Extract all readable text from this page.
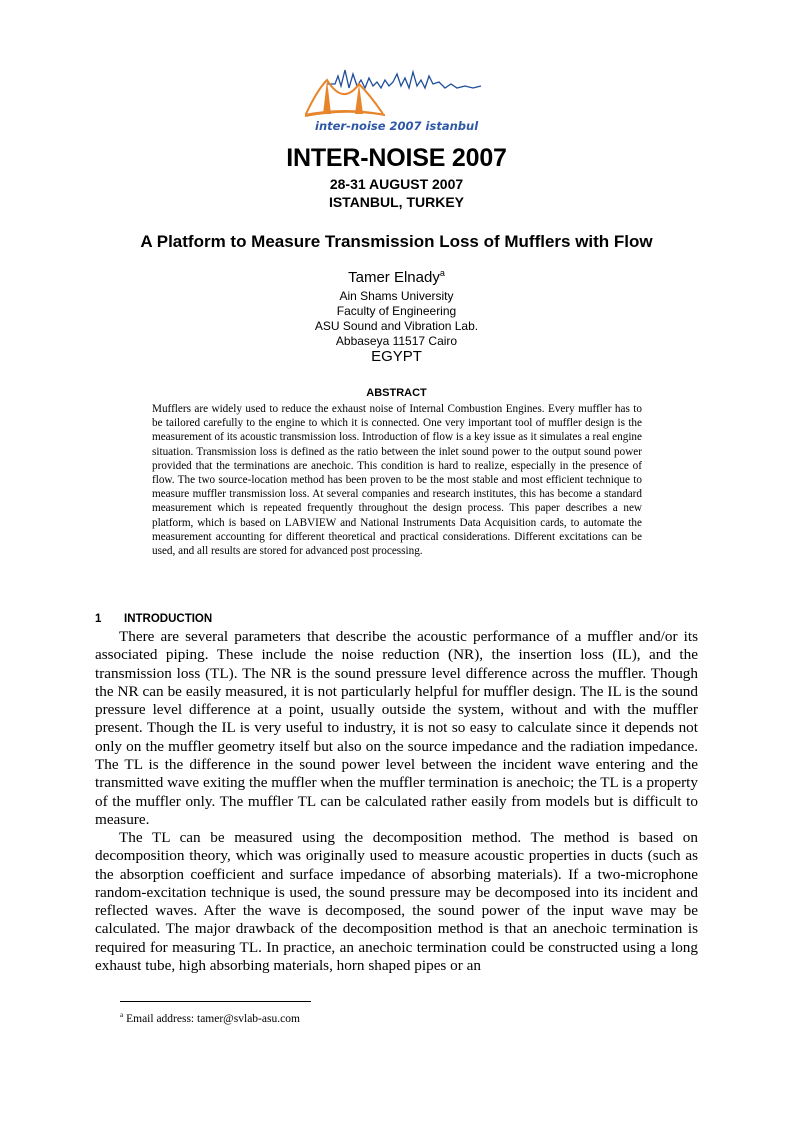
inter-noise 2007 istanbul
INTER-NOISE 2007
28-31 AUGUST 2007
ISTANBUL, TURKEY
A Platform to Measure Transmission Loss of Mufflers with Flow
Tamer Elnady$^a$
Ain Shams University
Faculty of Engineering
ASU Sound and Vibration Lab.
Abbaseya 11517 Cairo
EGYPT
ABSTRACT

Mufflers are widely used to reduce the exhaust noise of Internal Combustion Engines. Every muffler has to be tailored carefully to the engine to which it is connected. One very important tool of muffler design is the measurement of its acoustic transmission loss. Introduction of flow is a key issue as it simulates a real engine situation. Transmission loss is defined as the ratio between the inlet sound power to the output sound power provided that the terminations are anechoic. This condition is hard to realize, especially in the presence of flow. The two source-location method has been proven to be the most stable and most efficient technique to measure muffler transmission loss. At several companies and research institutes, this has become a standard measurement which is repeated frequently throughout the design process. This paper describes a new platform, which is based on LABVIEW and National Instruments Data Acquisition cards, to automate the measurement accounting for different theoretical and practical considerations. Different excitations can be used, and all results are stored for advanced post processing.

1 INTRODUCTION

There are several parameters that describe the acoustic performance of a muffler and/or its associated piping. These include the noise reduction (NR), the insertion loss (IL), and the transmission loss (TL). The NR is the sound pressure level difference across the muffler. Though the NR can be easily measured, it is not particularly helpful for muffler design. The IL is the sound pressure level difference at a point, usually outside the system, without and with the muffler present. Though the IL is very useful to industry, it is not so easy to calculate since it depends not only on the muffler geometry itself but also on the source impedance and the radiation impedance. The TL is the difference in the sound power level between the incident wave entering and the transmitted wave exiting the muffler when the muffler termination is anechoic; the TL is a property of the muffler only. The muffler TL can be calculated rather easily from models but is difficult to measure.

The TL can be measured using the decomposition method. The method is based on decomposition theory, which was originally used to measure acoustic properties in ducts (such as the absorption coefficient and surface impedance of absorbing materials). If a two-microphone random-excitation technique is used, the sound pressure may be decomposed into its incident and reflected waves. After the wave is decomposed, the sound power of the input wave may be calculated. The major drawback of the decomposition method is that an anechoic termination is required for measuring TL. In practice, an anechoic termination could be constructed using a long exhaust tube, high absorbing materials, horn shaped pipes or an

$^a$ Email address: tamer@svlab-asu.com
